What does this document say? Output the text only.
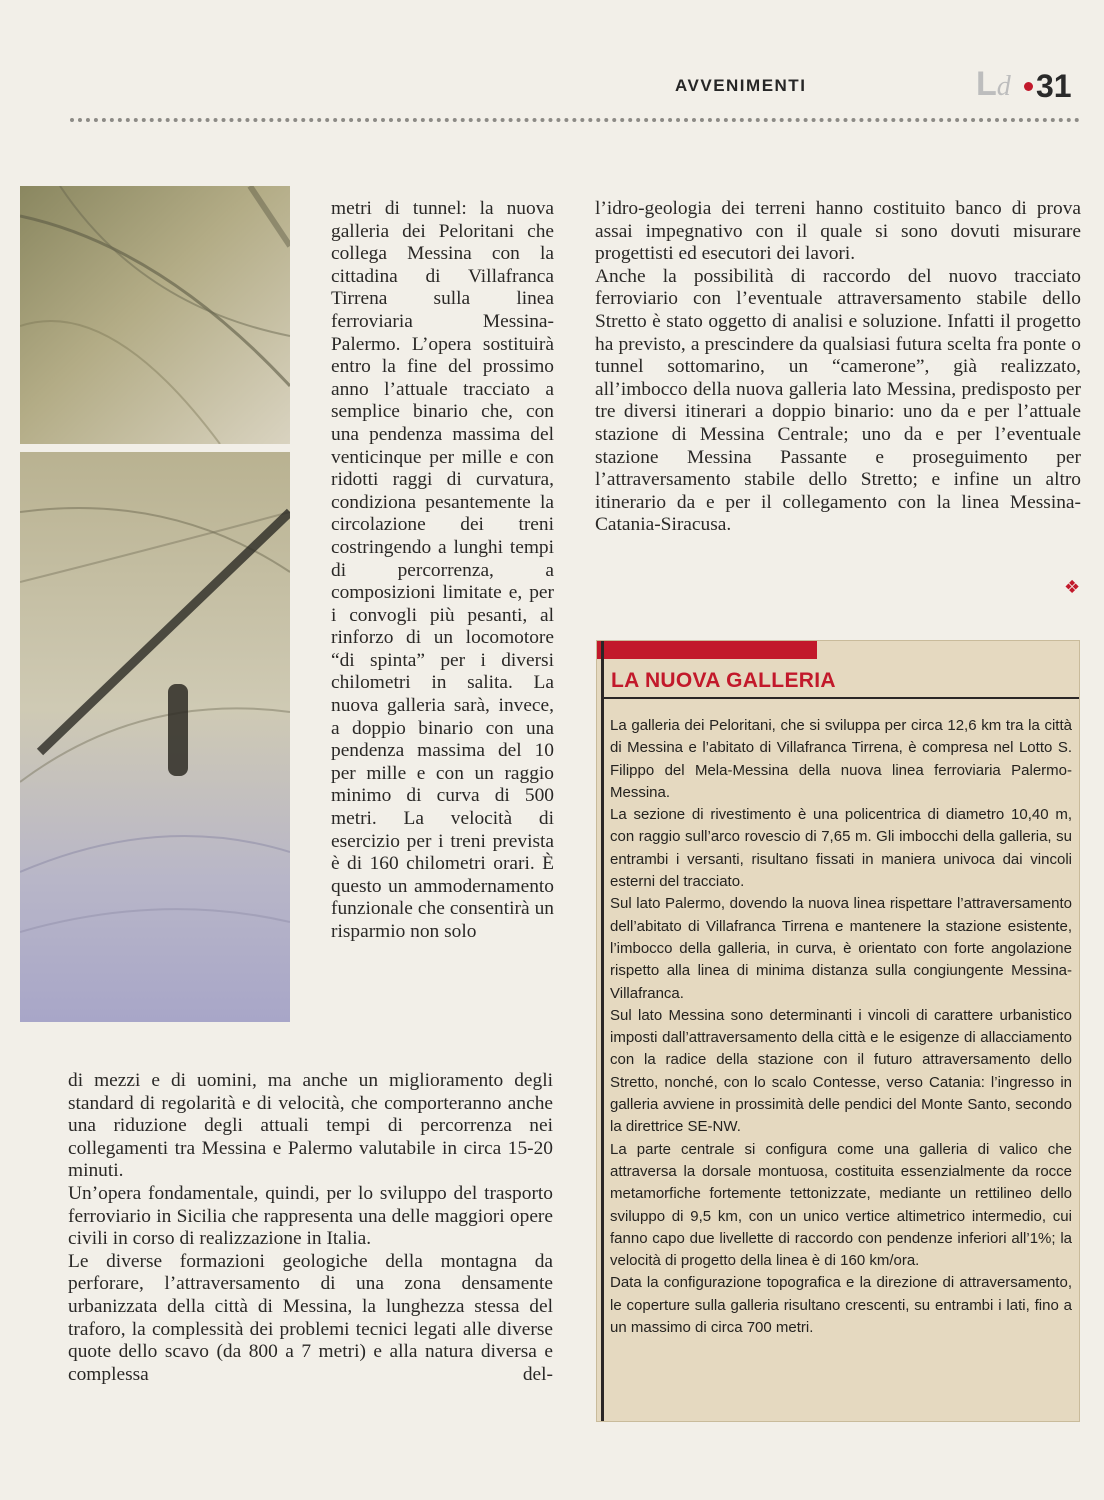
AVVENIMENTI	Ld 31

metri di tunnel: la nuova galleria dei Peloritani che collega Messina con la cittadina di Villafranca Tirrena sulla linea ferroviaria Messina-Palermo. L’opera sostituirà entro la fine del prossimo anno l’attuale tracciato a semplice binario che, con una pendenza massima del venticinque per mille e con ridotti raggi di curvatura, condiziona pesantemente la circolazione dei treni costringendo a lunghi tempi di percorrenza, a composizioni limitate e, per i convogli più pesanti, al rinforzo di un locomotore “di spinta” per i diversi chilometri in salita. La nuova galleria sarà, invece, a doppio binario con una pendenza massima del 10 per mille e con un raggio minimo di curva di 500 metri. La velocità di esercizio per i treni prevista è di 160 chilometri orari. È questo un ammodernamento funzionale che consentirà un risparmio non solo

di mezzi e di uomini, ma anche un miglioramento degli standard di regolarità e di velocità, che comporteranno anche una riduzione degli attuali tempi di percorrenza nei collegamenti tra Messina e Palermo valutabile in circa 15-20 minuti.

Un’opera fondamentale, quindi, per lo sviluppo del trasporto ferroviario in Sicilia che rappresenta una delle maggiori opere civili in corso di realizzazione in Italia.

Le diverse formazioni geologiche della montagna da perforare, l’attraversamento di una zona densamente urbanizzata della città di Messina, la lunghezza stessa del traforo, la complessità dei problemi tecnici legati alle diverse quote dello scavo (da 800 a 7 metri) e alla natura diversa e complessa del-

l’idro-geologia dei terreni hanno costituito banco di prova assai impegnativo con il quale si sono dovuti misurare progettisti ed esecutori dei lavori.

Anche la possibilità di raccordo del nuovo tracciato ferroviario con l’eventuale attraversamento stabile dello Stretto è stato oggetto di analisi e soluzione. Infatti il progetto ha previsto, a prescindere da qualsiasi futura scelta fra ponte o tunnel sottomarino, un “camerone”, già realizzato, all’imbocco della nuova galleria lato Messina, predisposto per tre diversi itinerari a doppio binario: uno da e per l’attuale stazione di Messina Centrale; uno da e per l’eventuale stazione Messina Passante e proseguimento per l’attraversamento stabile dello Stretto; e infine un altro itinerario da e per il collegamento con la linea Messina-Catania-Siracusa.

❖
LA NUOVA GALLERIA

La galleria dei Peloritani, che si sviluppa per circa 12,6 km tra la città di Messina e l’abitato di Villafranca Tirrena, è compresa nel Lotto S. Filippo del Mela-Messina della nuova linea ferroviaria Palermo-Messina.

La sezione di rivestimento è una policentrica di diametro 10,40 m, con raggio sull’arco rovescio di 7,65 m. Gli imbocchi della galleria, su entrambi i versanti, risultano fissati in maniera univoca dai vincoli esterni del tracciato.

Sul lato Palermo, dovendo la nuova linea rispettare l’attraversamento dell’abitato di Villafranca Tirrena e mantenere la stazione esistente, l’imbocco della galleria, in curva, è orientato con forte angolazione rispetto alla linea di minima distanza sulla congiungente Messina-Villafranca.

Sul lato Messina sono determinanti i vincoli di carattere urbanistico imposti dall’attraversamento della città e le esigenze di allacciamento con la radice della stazione con il futuro attraversamento dello Stretto, nonché, con lo scalo Contesse, verso Catania: l’ingresso in galleria avviene in prossimità delle pendici del Monte Santo, secondo la direttrice SE-NW.

La parte centrale si configura come una galleria di valico che attraversa la dorsale montuosa, costituita essenzialmente da rocce metamorfiche fortemente tettonizzate, mediante un rettilineo dello sviluppo di 9,5 km, con un unico vertice altimetrico intermedio, cui fanno capo due livellette di raccordo con pendenze inferiori all’1%; la velocità di progetto della linea è di 160 km/ora.

Data la configurazione topografica e la direzione di attraversamento, le coperture sulla galleria risultano crescenti, su entrambi i lati, fino a un massimo di circa 700 metri.
